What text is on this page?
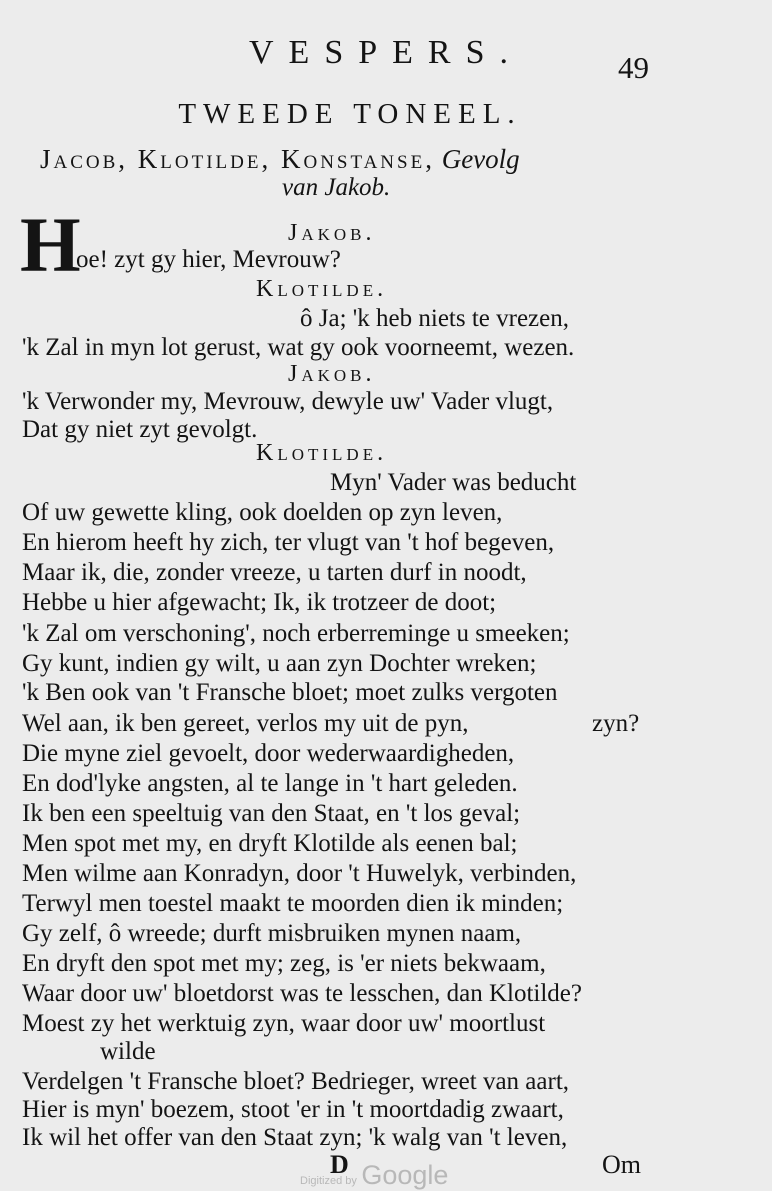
VESPERS.	49
TWEEDE TONEEL.
Jacob, Klotilde, Konstanse, Gevolg
van Jakob.
H	Jakob.
oe! zyt gy hier, Mevrouw?
Klotilde.
ô Ja; 'k heb niets te vrezen,
'k Zal in myn lot gerust, wat gy ook voorneemt, wezen.
Jakob.
'k Verwonder my, Mevrouw, dewyle uw' Vader vlugt,
Dat gy niet zyt gevolgt.
Klotilde.
Myn' Vader was beducht
Of uw gewette kling, ook doelden op zyn leven,
En hierom heeft hy zich, ter vlugt van 't hof begeven,
Maar ik, die, zonder vreeze, u tarten durf in noodt,
Hebbe u hier afgewacht; Ik, ik trotzeer de doot;
'k Zal om verschoning', noch erberreminge u smeeken;
Gy kunt, indien gy wilt, u aan zyn Dochter wreken;
'k Ben ook van 't Fransche bloet; moet zulks vergoten
Wel aan, ik ben gereet, verlos my uit de pyn,	zyn?
Die myne ziel gevoelt, door wederwaardigheden,
En dod'lyke angsten, al te lange in 't hart geleden.
Ik ben een speeltuig van den Staat, en 't los geval;
Men spot met my, en dryft Klotilde als eenen bal;
Men wilme aan Konradyn, door 't Huwelyk, verbinden,
Terwyl men toestel maakt te moorden dien ik minden;
Gy zelf, ô wreede; durft misbruiken mynen naam,
En dryft den spot met my; zeg, is 'er niets bekwaam,
Waar door uw' bloetdorst was te lesschen, dan Klotilde?
Moest zy het werktuig zyn, waar door uw' moortlust
wilde
Verdelgen 't Fransche bloet? Bedrieger, wreet van aart,
Hier is myn' boezem, stoot 'er in 't moortdadig zwaart,
Ik wil het offer van den Staat zyn; 'k walg van 't leven,
D	Om
Digitized by Google
